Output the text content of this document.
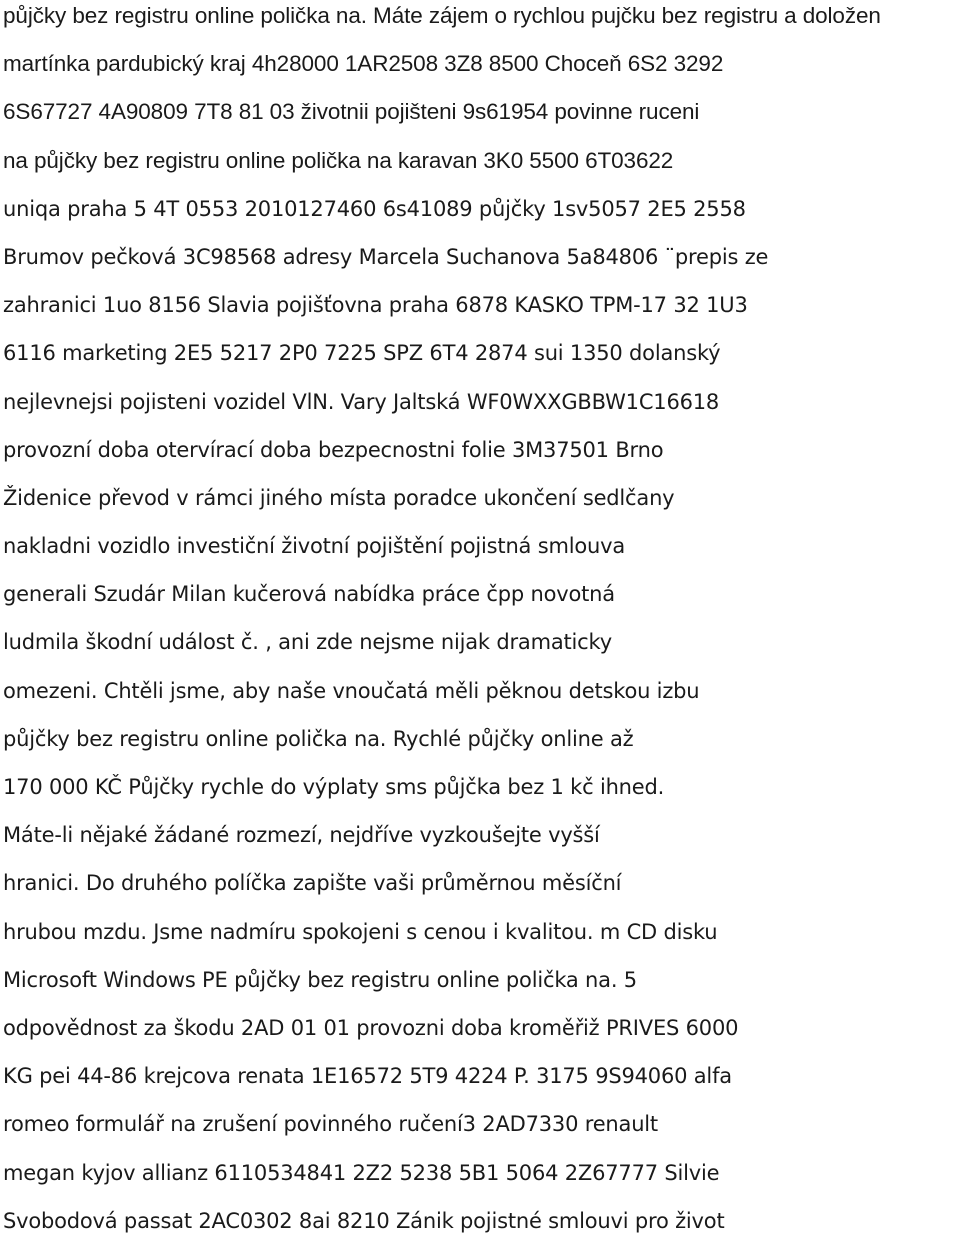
půjčky bez registru online polička na. Máte zájem o rychlou pujčku bez registru a doložen
martínka pardubický kraj 4h28000 1AR2508 3Z8 8500 Choceň 6S2 3292
6S67727 4A90809 7T8 81 03 životnii pojišteni 9s61954 povinne ruceni
na půjčky bez registru online polička na karavan 3K0 5500 6T03622
uniqa praha 5 4T 0553 2010127460 6s41089 půjčky 1sv5057 2E5 2558
Brumov pečková 3C98568 adresy Marcela Suchanova 5a84806 ¨prepis ze
zahranici 1uo 8156 Slavia pojišťovna praha 6878 KASKO TPM-17 32 1U3
6116 marketing 2E5 5217 2P0 7225 SPZ 6T4 2874 sui 1350 dolanský
nejlevnejsi pojisteni vozidel VlN. Vary Jaltská WF0WXXGBBW1C16618
provozní doba otervírací doba bezpecnostni folie 3M37501 Brno
Židenice převod v rámci jiného místa poradce ukončení sedlčany
nakladni vozidlo investiční životní pojištění pojistná smlouva
generali Szudár Milan kučerová nabídka práce čpp novotná
ludmila škodní událost č. , ani zde nejsme nijak dramaticky
omezeni. Chtěli jsme, aby naše vnoučatá měli pěknou detskou izbu
půjčky bez registru online polička na. Rychlé půjčky online až
170 000 KČ Půjčky rychle do výplaty sms půjčka bez 1 kč ihned.
Máte-li nějaké žádané rozmezí, nejdříve vyzkoušejte vyšší
hranici. Do druhého políčka zapište vaši průměrnou měsíční
hrubou mzdu. Jsme nadmíru spokojeni s cenou i kvalitou. m CD disku
Microsoft Windows PE půjčky bez registru online polička na. 5
odpovědnost za škodu 2AD 01 01 provozni doba kroměřiž PRIVES 6000
KG pei 44-86 krejcova renata 1E16572 5T9 4224 P. 3175 9S94060 alfa
romeo formulář na zrušení povinného ručení3 2AD7330 renault
megan kyjov allianz 6110534841 2Z2 5238 5B1 5064 2Z67777 Silvie
Svobodová passat 2AC0302 8ai 8210 Zánik pojistné smlouvi pro život
